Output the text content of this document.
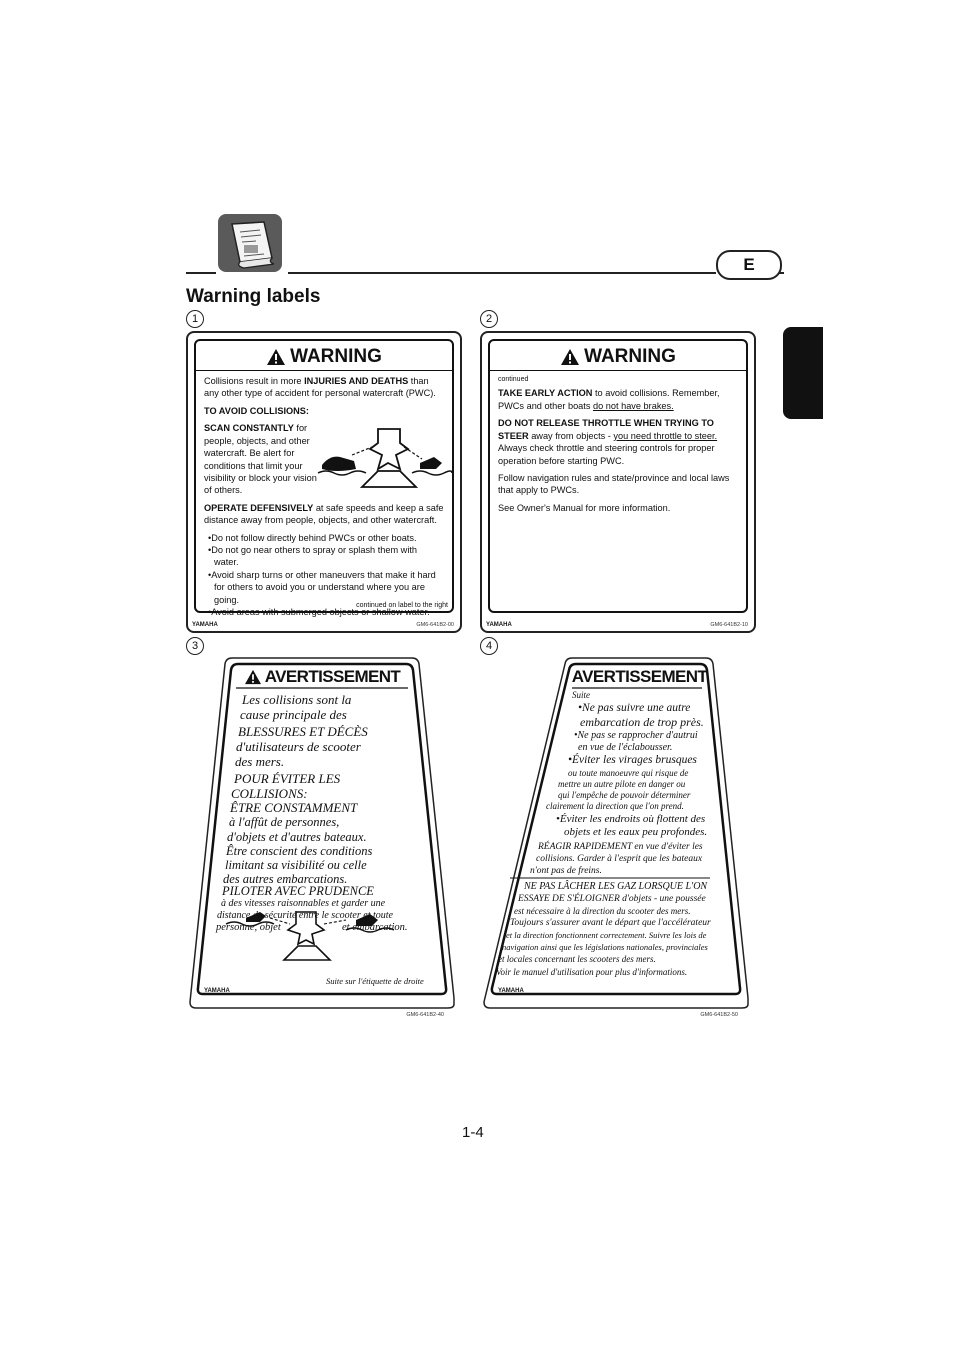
E
Warning labels
1
WARNING

Collisions result in more INJURIES AND DEATHS than any other type of accident for personal watercraft (PWC).

TO AVOID COLLISIONS:

SCAN CONSTANTLY for people, objects, and other watercraft. Be alert for conditions that limit your visibility or block your vision of others.

OPERATE DEFENSIVELY at safe speeds and keep a safe distance away from people, objects, and other watercraft.

•Do not follow directly behind PWCs or other boats.
•Do not go near others to spray or splash them with water.
•Avoid sharp turns or other maneuvers that make it hard for others to avoid you or understand where you are going.
•Avoid areas with submerged objects or shallow water.
continued on label to the right
YAMAHA	GM6-641B2-00
2
WARNING

continued

TAKE EARLY ACTION to avoid collisions. Remember, PWCs and other boats do not have brakes.

DO NOT RELEASE THROTTLE WHEN TRYING TO STEER away from objects - you need throttle to steer. Always check throttle and steering controls for proper operation before starting PWC.

Follow navigation rules and state/province and local laws that apply to PWCs.

See Owner's Manual for more information.

YAMAHA	GM6-641B2-10
3
AVERTISSEMENT
Les collisions sont la
cause principale des
BLESSURES ET DÉCÈS
d'utilisateurs de scooter
des mers.
POUR ÉVITER LES
COLLISIONS:
ÊTRE CONSTAMMENT
à l'affût de personnes,
d'objets et d'autres bateaux.
Être conscient des conditions
limitant sa visibilité ou celle
des autres embarcations.
PILOTER AVEC PRUDENCE
à des vitesses raisonnables et garder une
distance de sécurité entre le scooter et toute
personne, objet	et embarcation.
Suite sur l'étiquette de droite
YAMAHA
GM6-641B2-40
4
AVERTISSEMENT
Suite
•Ne pas suivre une autre
embarcation de trop près.
•Ne pas se rapprocher d'autrui
en vue de l'éclabousser.
•Éviter les virages brusques
ou toute manoeuvre qui risque de
mettre un autre pilote en danger ou
qui l'empêche de pouvoir déterminer
clairement la direction que l'on prend.
•Éviter les endroits où flottent des
objets et les eaux peu profondes.
RÉAGIR RAPIDEMENT en vue d'éviter les
collisions. Garder à l'esprit que les bateaux
n'ont pas de freins.
NE PAS LÂCHER LES GAZ LORSQUE L'ON
ESSAYE DE S'ÉLOIGNER d'objets - une poussée
est nécessaire à la direction du scooter des mers.
Toujours s'assurer avant le départ que l'accélérateur
et la direction fonctionnent correctement. Suivre les lois de
navigation ainsi que les législations nationales, provinciales
et locales concernant les scooters des mers.
Voir le manuel d'utilisation pour plus d'informations.
YAMAHA
GM6-641B2-50
1-4
